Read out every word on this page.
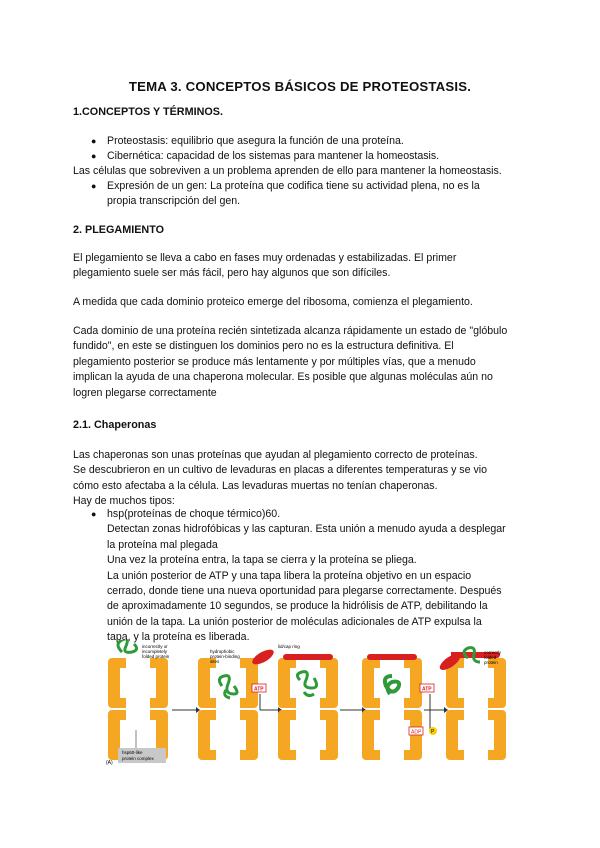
TEMA 3. CONCEPTOS BÁSICOS DE PROTEOSTASIS.
1.CONCEPTOS Y TÉRMINOS.
● Proteostasis: equilibrio que asegura la función de una proteína.
● Cibernética: capacidad de los sistemas para mantener la homeostasis.
Las células que sobreviven a un problema aprenden de ello para mantener la homeostasis.
● Expresión de un gen: La proteína que codifica tiene su actividad plena, no es la
propia transcripción del gen.
2. PLEGAMIENTO
El plegamiento se lleva a cabo en fases muy ordenadas y estabilizadas. El primer
plegamiento suele ser más fácil, pero hay algunos que son difíciles.
A medida que cada dominio proteico emerge del ribosoma, comienza el plegamiento.
Cada dominio de una proteína recién sintetizada alcanza rápidamente un estado de "glóbulo
fundido", en este se distinguen los dominios pero no es la estructura definitiva. El
plegamiento posterior se produce más lentamente y por múltiples vías, que a menudo
implican la ayuda de una chaperona molecular. Es posible que algunas moléculas aún no
logren plegarse correctamente
2.1. Chaperonas
Las chaperonas son unas proteínas que ayudan al plegamiento correcto de proteínas.
Se descubrieron en un cultivo de levaduras en placas a diferentes temperaturas y se vio
cómo esto afectaba a la célula. Las levaduras muertas no tenían chaperonas.
Hay de muchos tipos:
● hsp(proteínas de choque térmico)60.
Detectan zonas hidrofóbicas y las capturan. Esta unión a menudo ayuda a desplegar
la proteína mal plegada
Una vez la proteína entra, la tapa se cierra y la proteína se pliega.
La unión posterior de ATP y una tapa libera la proteína objetivo en un espacio
cerrado, donde tiene una nueva oportunidad para plegarse correctamente. Después
de aproximadamente 10 segundos, se produce la hidrólisis de ATP, debilitando la
unión de la tapa. La unión posterior de moléculas adicionales de ATP expulsa la
tapa, y la proteína es liberada.
incorrectly or
incompletely
folded protein
hydrophobic
protein-binding
sites
ATP
lid/cap ring
ATP
ADP P
correctly
folded
protein
hsp60-like
protein complex
(A)
